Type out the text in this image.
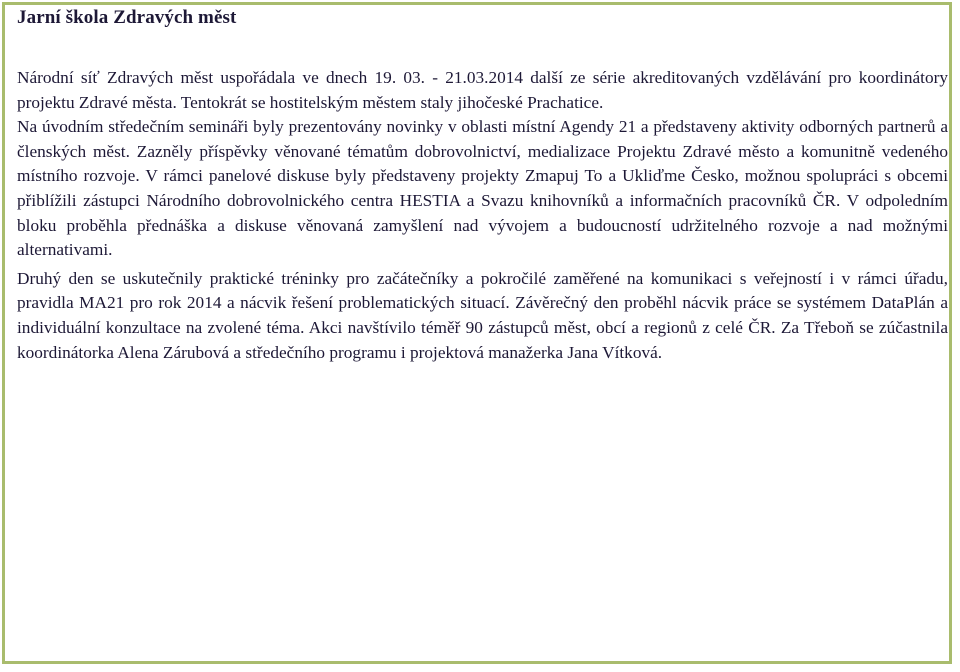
Jarní škola Zdravých měst

Národní síť Zdravých měst uspořádala ve dnech 19. 03. - 21.03.2014 další ze série akreditovaných vzdělávání pro koordinátory projektu Zdravé města. Tentokrát se hostitelským městem staly jihočeské Prachatice.

Na úvodním středečním semináři byly prezentovány novinky v oblasti místní Agendy 21 a představeny aktivity odborných partnerů a členských měst. Zazněly příspěvky věnované tématům dobrovolnictví, medializace Projektu Zdravé město a komunitně vedeného místního rozvoje. V rámci panelové diskuse byly představeny projekty Zmapuj To a Ukliďme Česko, možnou spolupráci s obcemi přiblížili zástupci Národního dobrovolnického centra HESTIA a Svazu knihovníků a informačních pracovníků ČR. V odpoledním bloku proběhla přednáška a diskuse věnovaná zamyšlení nad vývojem a budoucností udržitelného rozvoje a nad možnými alternativami.

Druhý den se uskutečnily praktické tréninky pro začátečníky a pokročilé zaměřené na komunikaci s veřejností i v rámci úřadu, pravidla MA21 pro rok 2014 a nácvik řešení problematických situací. Závěrečný den proběhl nácvik práce se systémem DataPlán a individuální konzultace na zvolené téma. Akci navštívilo téměř 90 zástupců měst, obcí a regionů z celé ČR. Za Třeboň se zúčastnila koordinátorka Alena Zárubová a středečního programu i projektová manažerka Jana Vítková.
